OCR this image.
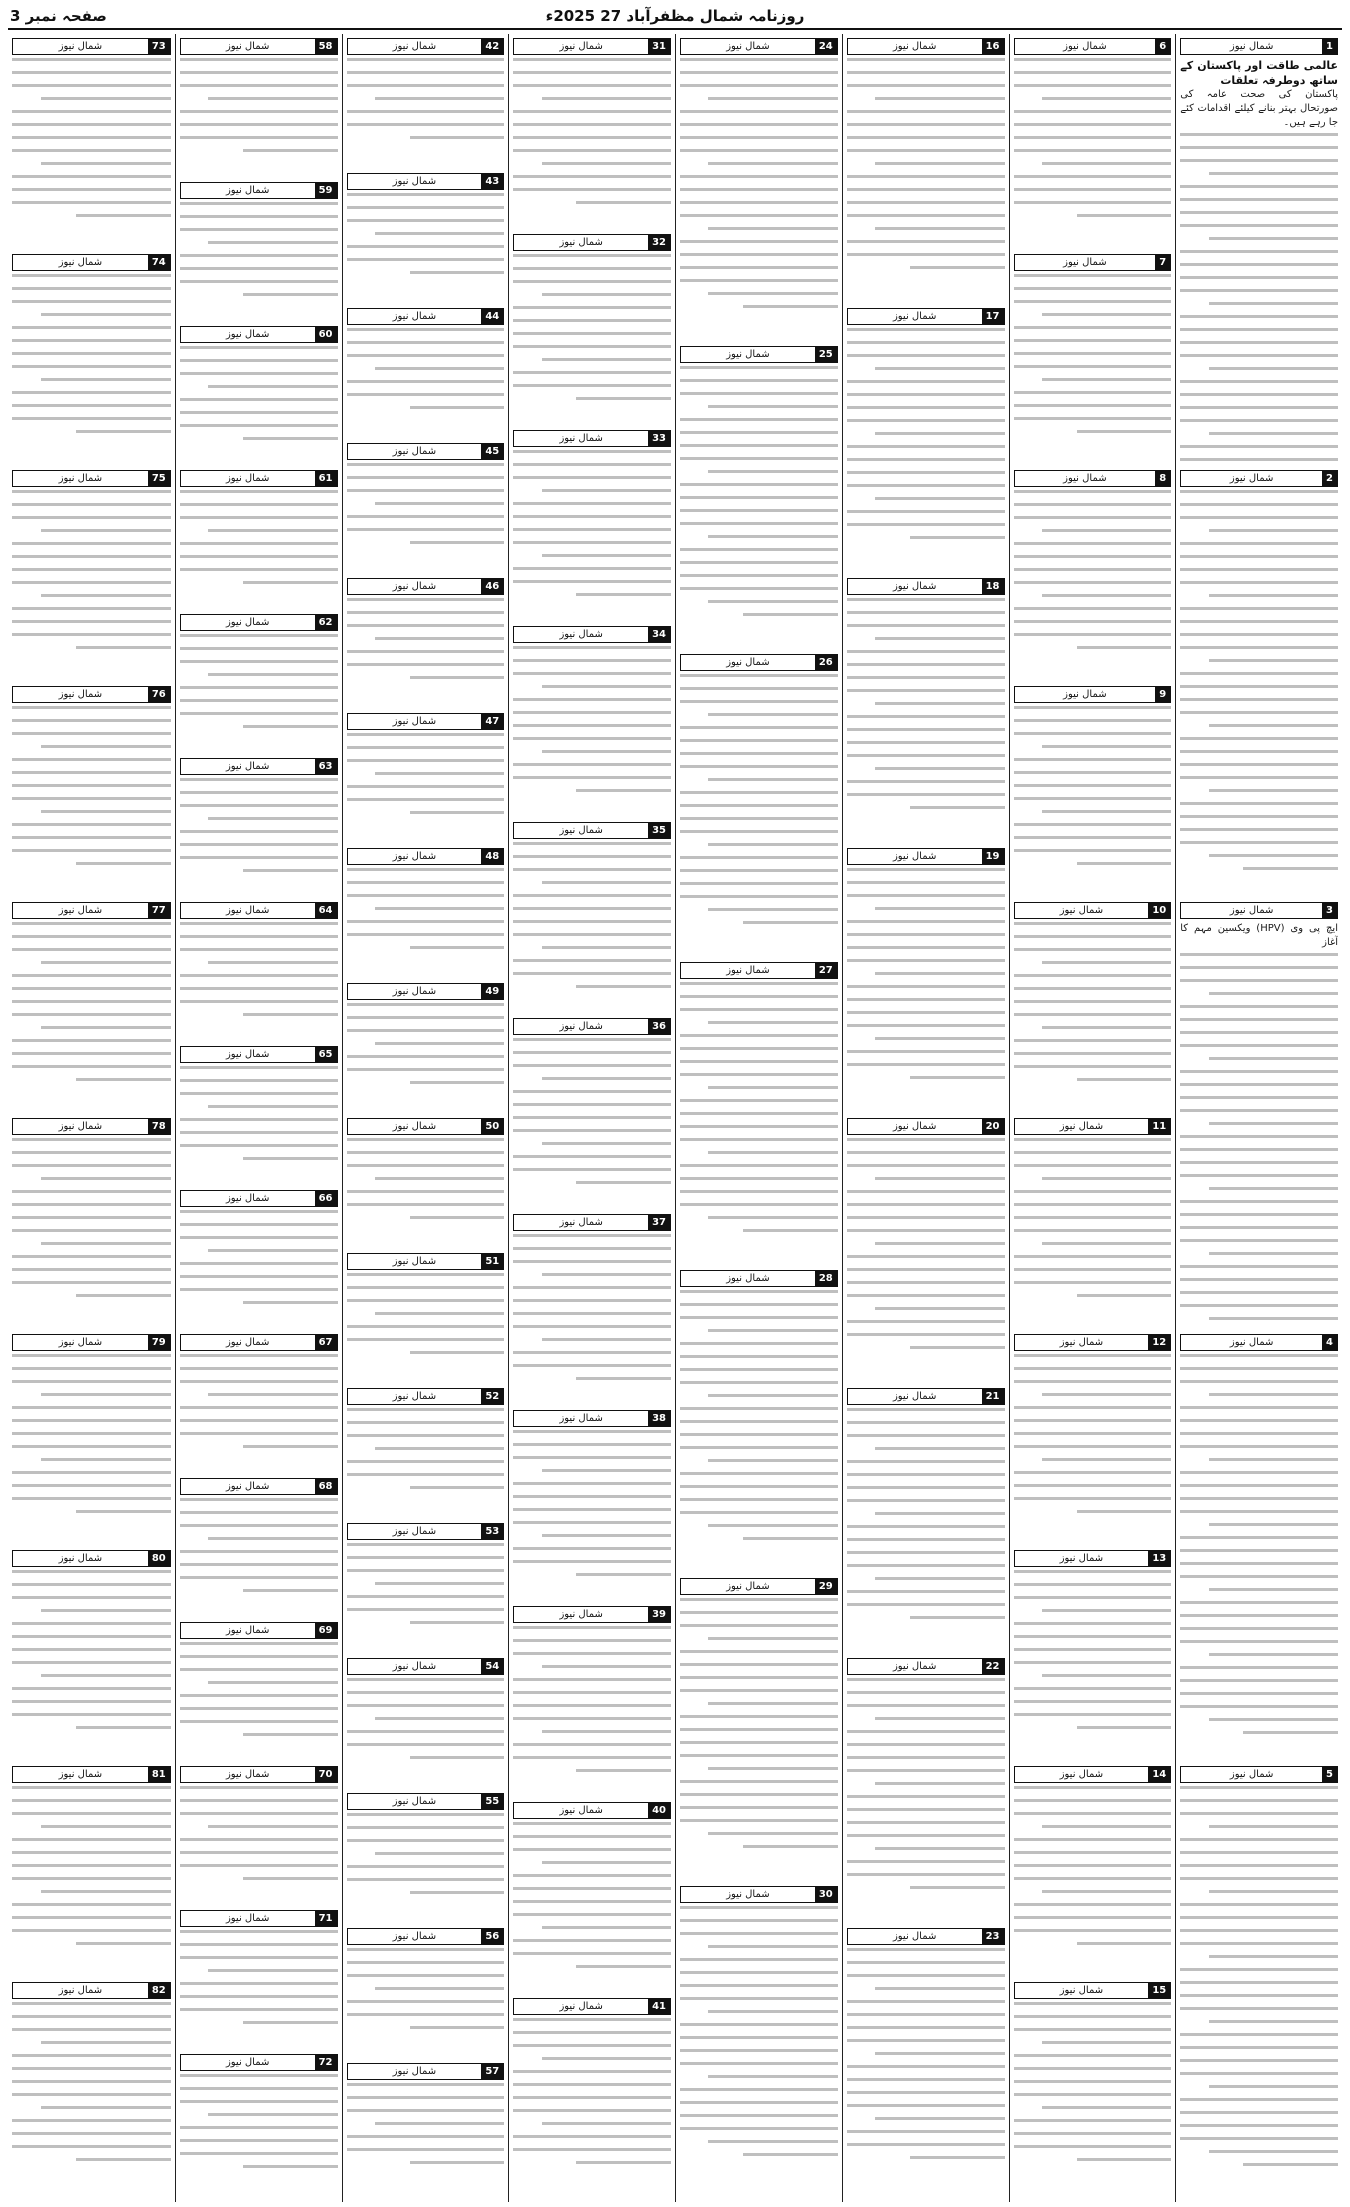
روزنامہ شمال مظفرآباد 27 2025ء
صفحہ نمبر 3
1
شمال نیوز
عالمی طاقت اور پاکستان کے ساتھ دوطرفہ تعلقات
پاکستان کی صحت عامہ کی صورتحال بہتر بنانے کیلئے اقدامات کئے جا رہے ہیں۔
2
شمال نیوز
3
شمال نیوز
ایچ پی وی (HPV) ویکسین مہم کا آغاز
4
شمال نیوز
5
شمال نیوز
6
شمال نیوز
7
شمال نیوز
8
شمال نیوز
9
شمال نیوز
10
شمال نیوز
11
شمال نیوز
12
شمال نیوز
13
شمال نیوز
14
شمال نیوز
15
شمال نیوز
16
شمال نیوز
17
شمال نیوز
18
شمال نیوز
19
شمال نیوز
20
شمال نیوز
21
شمال نیوز
22
شمال نیوز
23
شمال نیوز
24
شمال نیوز
25
شمال نیوز
26
شمال نیوز
27
شمال نیوز
28
شمال نیوز
29
شمال نیوز
30
شمال نیوز
31
شمال نیوز
32
شمال نیوز
33
شمال نیوز
34
شمال نیوز
35
شمال نیوز
36
شمال نیوز
37
شمال نیوز
38
شمال نیوز
39
شمال نیوز
40
شمال نیوز
41
شمال نیوز
42
شمال نیوز
43
شمال نیوز
44
شمال نیوز
45
شمال نیوز
46
شمال نیوز
47
شمال نیوز
48
شمال نیوز
49
شمال نیوز
50
شمال نیوز
51
شمال نیوز
52
شمال نیوز
53
شمال نیوز
54
شمال نیوز
55
شمال نیوز
56
شمال نیوز
57
شمال نیوز
58
شمال نیوز
59
شمال نیوز
60
شمال نیوز
61
شمال نیوز
62
شمال نیوز
63
شمال نیوز
64
شمال نیوز
65
شمال نیوز
66
شمال نیوز
67
شمال نیوز
68
شمال نیوز
69
شمال نیوز
70
شمال نیوز
71
شمال نیوز
72
شمال نیوز
73
شمال نیوز
74
شمال نیوز
75
شمال نیوز
76
شمال نیوز
77
شمال نیوز
78
شمال نیوز
79
شمال نیوز
80
شمال نیوز
81
شمال نیوز
82
شمال نیوز
